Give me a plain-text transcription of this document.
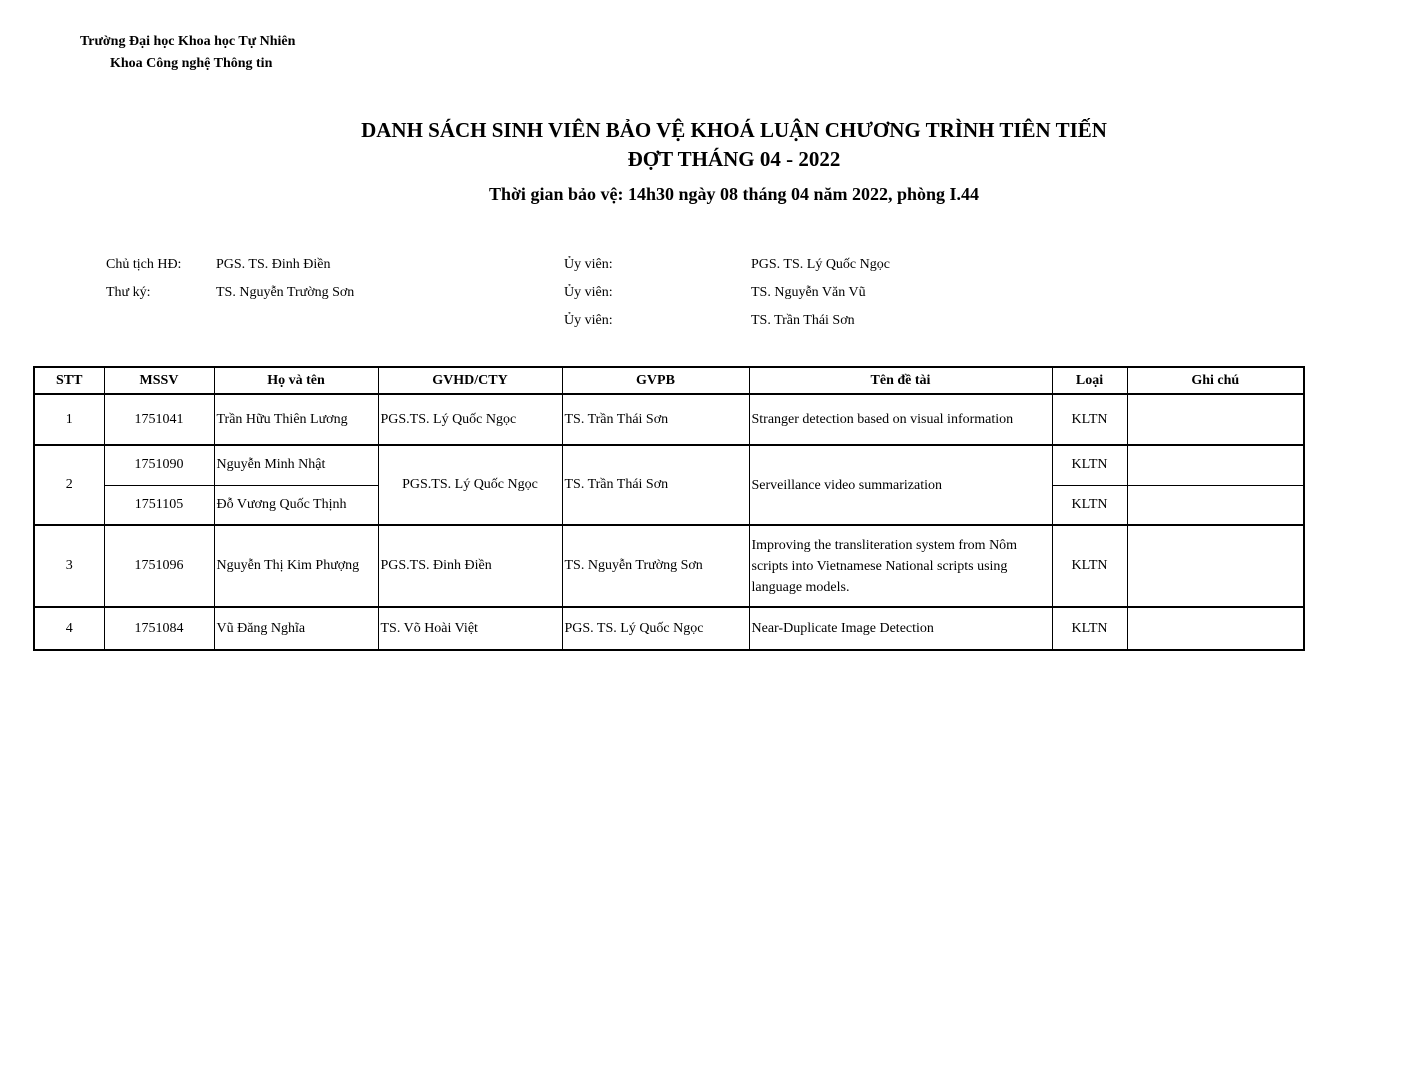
Trường Đại học Khoa học Tự Nhiên
Khoa Công nghệ Thông tin
DANH SÁCH SINH VIÊN BẢO VỆ KHOÁ LUẬN CHƯƠNG TRÌNH TIÊN TIẾN
ĐỢT THÁNG 04 - 2022
Thời gian bảo vệ: 14h30 ngày 08 tháng 04 năm 2022, phòng I.44
Chủ tịch HĐ: PGS. TS. Đinh Điền
Thư ký:	TS. Nguyễn Trường Sơn
Ủy viên:	PGS. TS. Lý Quốc Ngọc
Ủy viên:	TS. Nguyễn Văn Vũ
Ủy viên:	TS. Trần Thái Sơn
STT	MSSV	Họ và tên	GVHD/CTY	GVPB	Tên đề tài	Loại	Ghi chú
1	1751041	Trần Hữu Thiên Lương	PGS.TS. Lý Quốc Ngọc	TS. Trần Thái Sơn	Stranger detection based on visual information	KLTN	
2	1751090	Nguyễn Minh Nhật	PGS.TS. Lý Quốc Ngọc	TS. Trần Thái Sơn	Serveillance video summarization	KLTN	
	1751105	Đỗ Vương Quốc Thịnh				KLTN	
3	1751096	Nguyễn Thị Kim Phượng	PGS.TS. Đinh Điền	TS. Nguyễn Trường Sơn	Improving the transliteration system from Nôm scripts into Vietnamese National scripts using language models.	KLTN	
4	1751084	Vũ Đăng Nghĩa	TS. Võ Hoài Việt	PGS. TS. Lý Quốc Ngọc	Near-Duplicate Image Detection	KLTN	
